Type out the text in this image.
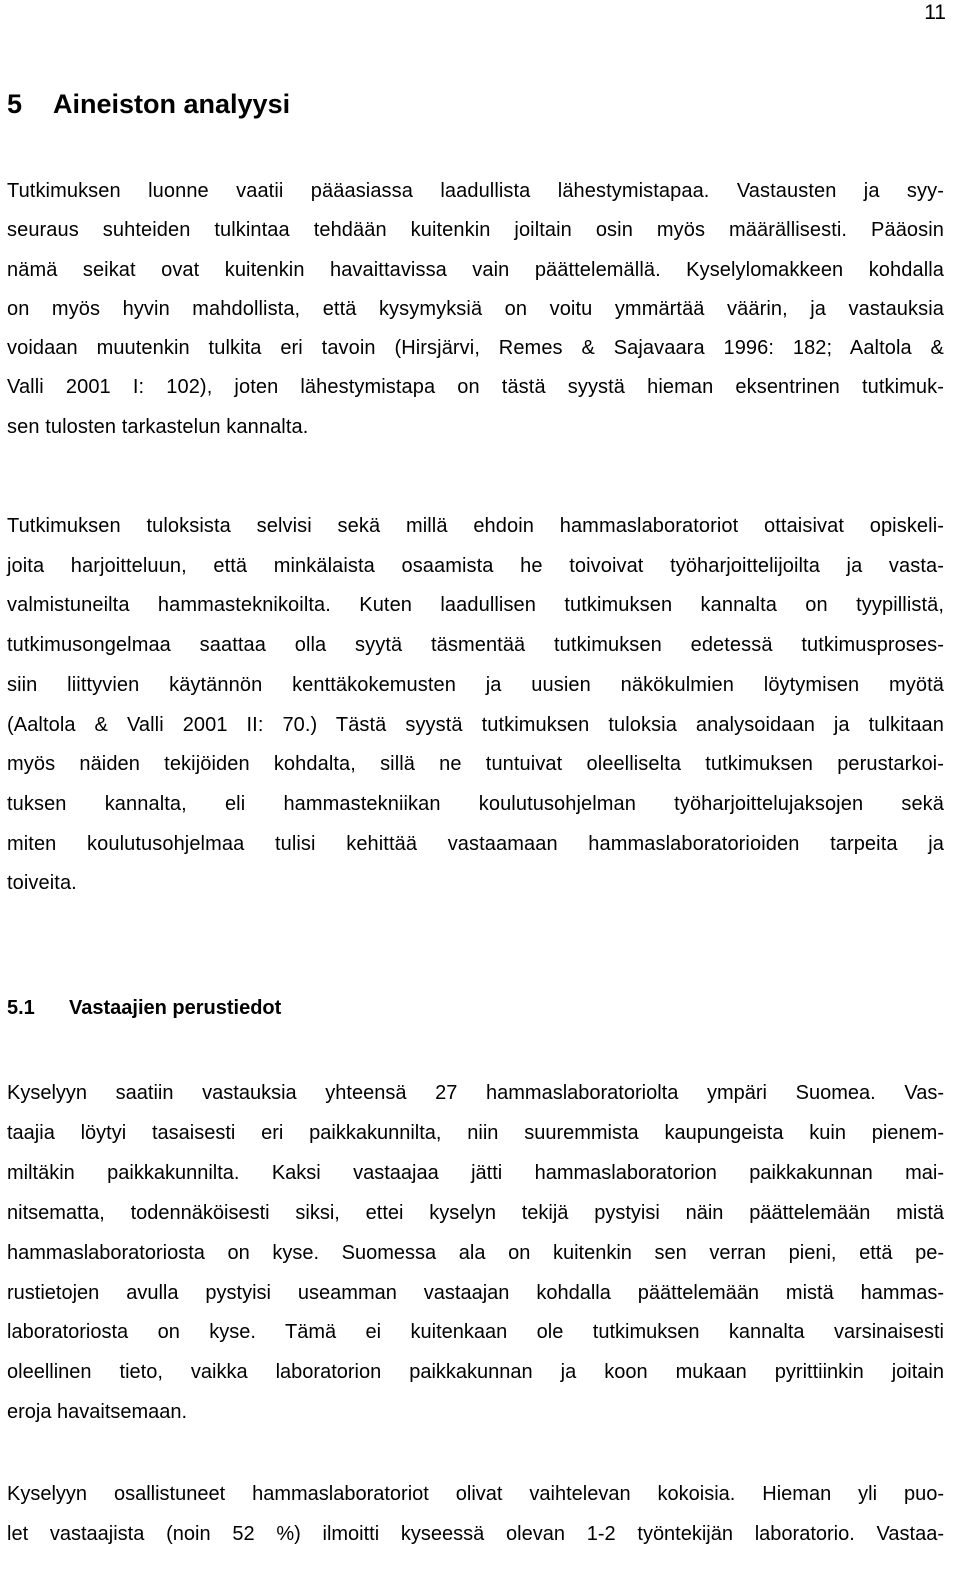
11
5 Aineiston analyysi
Tutkimuksen luonne vaatii pääasiassa laadullista lähestymistapaa. Vastausten ja syy-
seuraus suhteiden tulkintaa tehdään kuitenkin joiltain osin myös määrällisesti. Pääosin
nämä seikat ovat kuitenkin havaittavissa vain päättelemällä. Kyselylomakkeen kohdalla
on myös hyvin mahdollista, että kysymyksiä on voitu ymmärtää väärin, ja vastauksia
voidaan muutenkin tulkita eri tavoin (Hirsjärvi, Remes & Sajavaara 1996: 182; Aaltola &
Valli 2001 I: 102), joten lähestymistapa on tästä syystä hieman eksentrinen tutkimuk-
sen tulosten tarkastelun kannalta.
Tutkimuksen tuloksista selvisi sekä millä ehdoin hammaslaboratoriot ottaisivat opiskeli-
joita harjoitteluun, että minkälaista osaamista he toivoivat työharjoittelijoilta ja vasta-
valmistuneilta hammasteknikoilta. Kuten laadullisen tutkimuksen kannalta on tyypillistä,
tutkimusongelmaa saattaa olla syytä täsmentää tutkimuksen edetessä tutkimusproses-
siin liittyvien käytännön kenttäkokemusten ja uusien näkökulmien löytymisen myötä
(Aaltola & Valli 2001 II: 70.) Tästä syystä tutkimuksen tuloksia analysoidaan ja tulkitaan
myös näiden tekijöiden kohdalta, sillä ne tuntuivat oleelliselta tutkimuksen perustarkoi-
tuksen kannalta, eli hammastekniikan koulutusohjelman työharjoittelujaksojen sekä
miten koulutusohjelmaa tulisi kehittää vastaamaan hammaslaboratorioiden tarpeita ja
toiveita.
5.1 Vastaajien perustiedot
Kyselyyn saatiin vastauksia yhteensä 27 hammaslaboratoriolta ympäri Suomea. Vas-
taajia löytyi tasaisesti eri paikkakunnilta, niin suuremmista kaupungeista kuin pienem-
miltäkin paikkakunnilta. Kaksi vastaajaa jätti hammaslaboratorion paikkakunnan mai-
nitsematta, todennäköisesti siksi, ettei kyselyn tekijä pystyisi näin päättelemään mistä
hammaslaboratoriosta on kyse. Suomessa ala on kuitenkin sen verran pieni, että pe-
rustietojen avulla pystyisi useamman vastaajan kohdalla päättelemään mistä hammas-
laboratoriosta on kyse. Tämä ei kuitenkaan ole tutkimuksen kannalta varsinaisesti
oleellinen tieto, vaikka laboratorion paikkakunnan ja koon mukaan pyrittiinkin joitain
eroja havaitsemaan.
Kyselyyn osallistuneet hammaslaboratoriot olivat vaihtelevan kokoisia. Hieman yli puo-
let vastaajista (noin 52 %) ilmoitti kyseessä olevan 1-2 työntekijän laboratorio. Vastaa-
